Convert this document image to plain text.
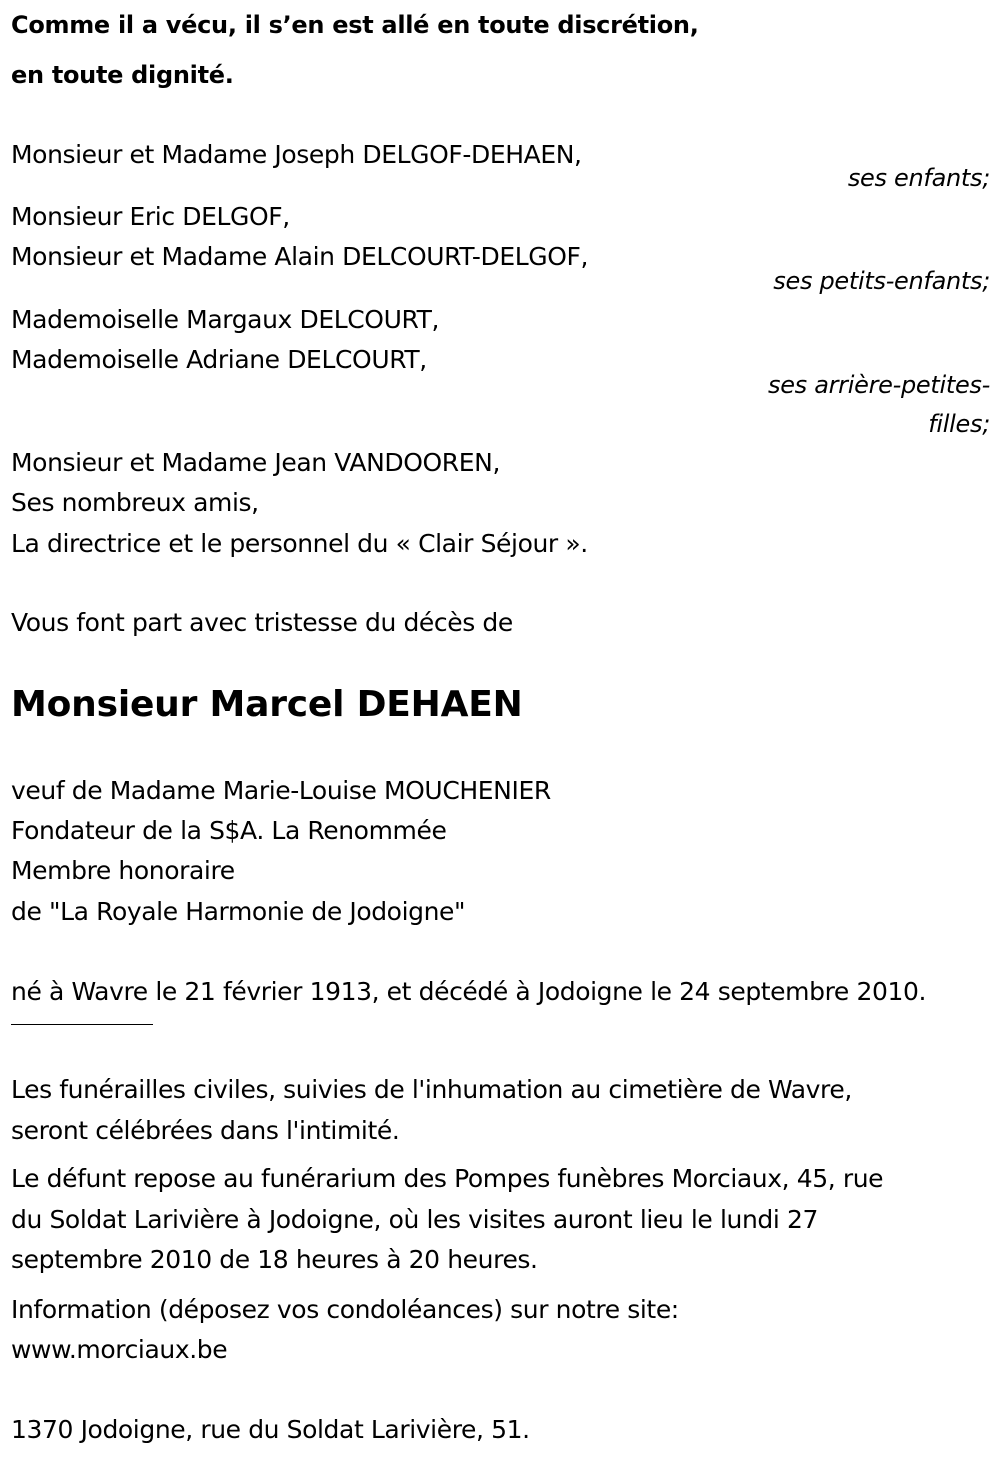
Comme il a vécu, il s’en est allé en toute discrétion,

en toute dignité.

Monsieur et Madame Joseph DELGOF-DEHAEN,

ses enfants;

Monsieur Eric DELGOF,

Monsieur et Madame Alain DELCOURT-DELGOF,

ses petits-enfants;

Mademoiselle Margaux DELCOURT,

Mademoiselle Adriane DELCOURT,

ses arrière-petites-

filles;

Monsieur et Madame Jean VANDOOREN,

Ses nombreux amis,

La directrice et le personnel du « Clair Séjour ».

Vous font part avec tristesse du décès de

Monsieur Marcel DEHAEN

veuf de Madame Marie-Louise MOUCHENIER

Fondateur de la S$A. La Renommée

Membre honoraire

de "La Royale Harmonie de Jodoigne"

né à Wavre le 21 février 1913, et décédé à Jodoigne le 24 septembre 2010.

Les funérailles civiles, suivies de l'inhumation au cimetière de Wavre,

seront célébrées dans l'intimité.

Le défunt repose au funérarium des Pompes funèbres Morciaux, 45, rue

du Soldat Larivière à Jodoigne, où les visites auront lieu le lundi 27

septembre 2010 de 18 heures à 20 heures.

Information (déposez vos condoléances) sur notre site:

www.morciaux.be

1370 Jodoigne, rue du Soldat Larivière, 51.
